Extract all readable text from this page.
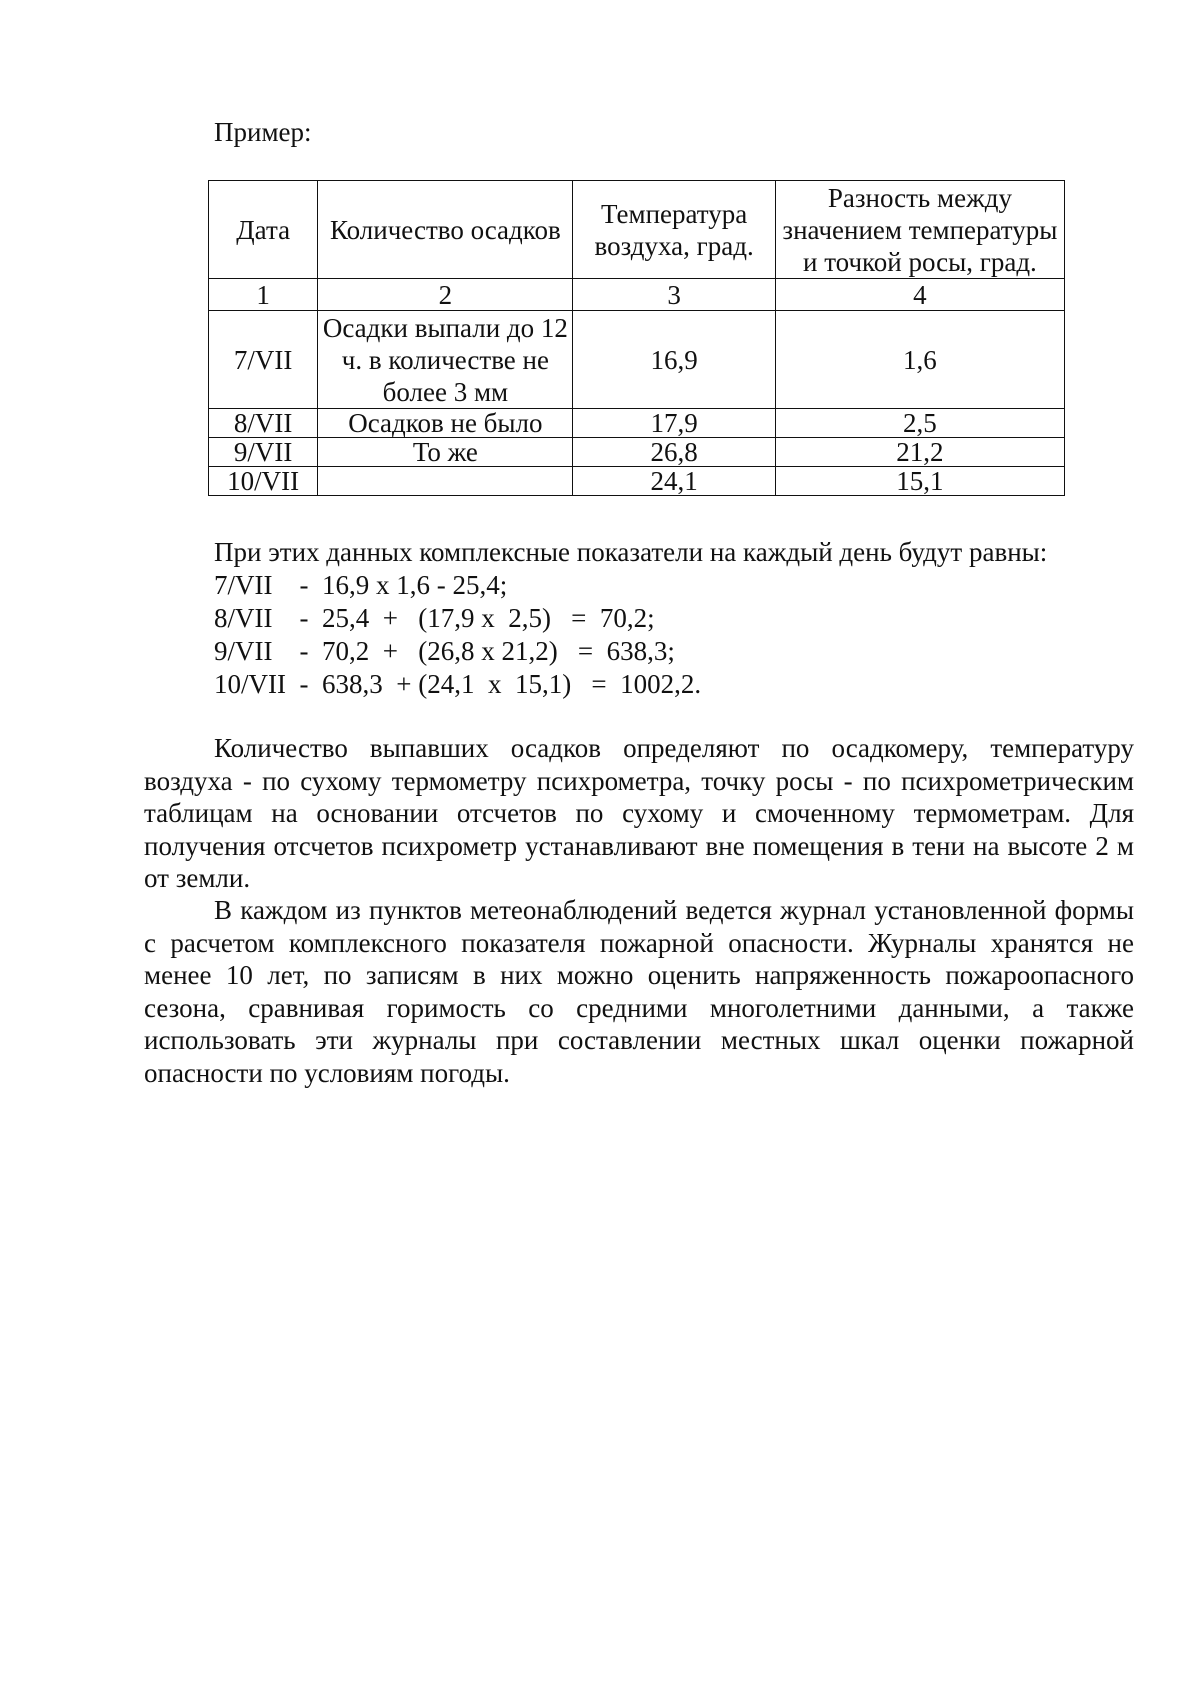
Пример:
Дата	Количество осадков	Температура воздуха, град.	Разность между значением температуры и точкой росы, град.
1	2	3	4
7/VII	Осадки выпали до 12 ч. в количестве не более 3 мм	16,9	1,6
8/VII	Осадков не было	17,9	2,5
9/VII	То же	26,8	21,2
10/VII		24,1	15,1
При этих данных комплексные показатели на каждый день будут равны:
7/VII    -  16,9 х 1,6 - 25,4;
8/VII    -  25,4  +   (17,9 х  2,5)   =  70,2;
9/VII    -  70,2  +   (26,8 х 21,2)   =  638,3;
10/VII  -  638,3  + (24,1  х  15,1)   =  1002,2.

Количество выпавших осадков определяют по осадкомеру, температуру воздуха - по сухому термометру психрометра, точку росы - по психрометрическим таблицам на основании отсчетов по сухому и смоченному термометрам. Для получения отсчетов психрометр устанавливают вне помещения в тени на высоте 2 м от земли.

В каждом из пунктов метеонаблюдений ведется журнал установленной формы с расчетом комплексного показателя пожарной опасности. Журналы хранятся не менее 10 лет, по записям в них можно оценить напряженность пожароопасного сезона, сравнивая горимость со средними многолетними данными, а также использовать эти журналы при составлении местных шкал оценки пожарной опасности по условиям погоды.
